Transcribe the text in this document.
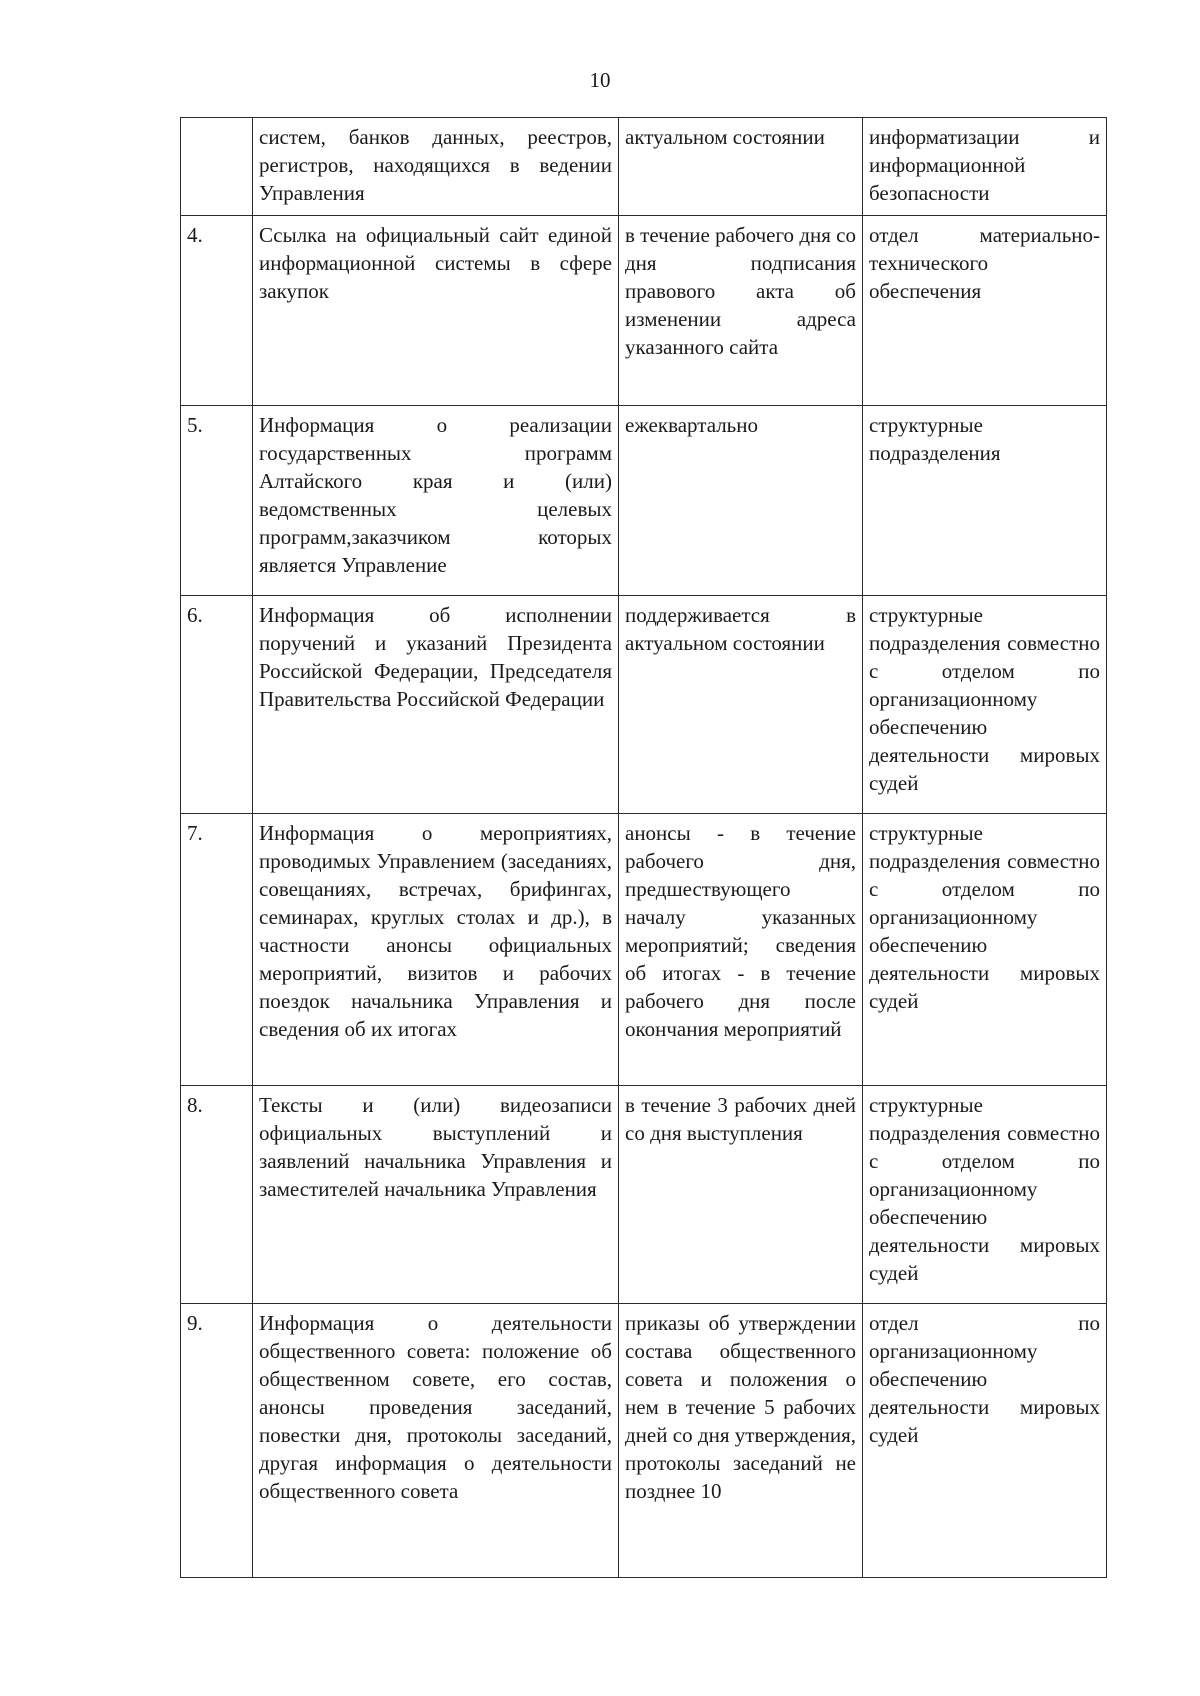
10
	систем, банков данных, реестров, регистров, находящихся в ведении Управления	актуальном состоянии	информатизации и информационной безопасности
4.	Ссылка на официальный сайт единой информационной системы в сфере закупок	в течение рабочего дня со дня подписания правового акта об изменении адреса указанного сайта	отдел материально-технического обеспечения
5.	Информация о реализации государственных программ Алтайского края и (или) ведомственных целевых программ,заказчиком которых является Управление	ежеквартально	структурные подразделения
6.	Информация об исполнении поручений и указаний Президента Российской Федерации, Председателя Правительства Российской Федерации	поддерживается в актуальном состоянии	структурные подразделения совместно с отделом по организационному обеспечению деятельности мировых судей
7.	Информация о мероприятиях, проводимых Управлением (заседаниях, совещаниях, встречах, брифингах, семинарах, круглых столах и др.), в частности анонсы официальных мероприятий, визитов и рабочих поездок начальника Управления и сведения об их итогах	анонсы - в течение рабочего дня, предшествующего началу указанных мероприятий; сведения об итогах - в течение рабочего дня после окончания мероприятий	структурные подразделения совместно с отделом по организационному обеспечению деятельности мировых судей
8.	Тексты и (или) видеозаписи официальных выступлений и заявлений начальника Управления и заместителей начальника Управления	в течение 3 рабочих дней со дня выступления	структурные подразделения совместно с отделом по организационному обеспечению деятельности мировых судей
9.	Информация о деятельности общественного совета: положение об общественном совете, его состав, анонсы проведения заседаний, повестки дня, протоколы заседаний, другая информация о деятельности общественного совета	приказы об утверждении состава общественного совета и положения о нем в течение 5 рабочих дней со дня утверждения, протоколы заседаний не позднее 10	отдел по организационному обеспечению деятельности мировых судей
